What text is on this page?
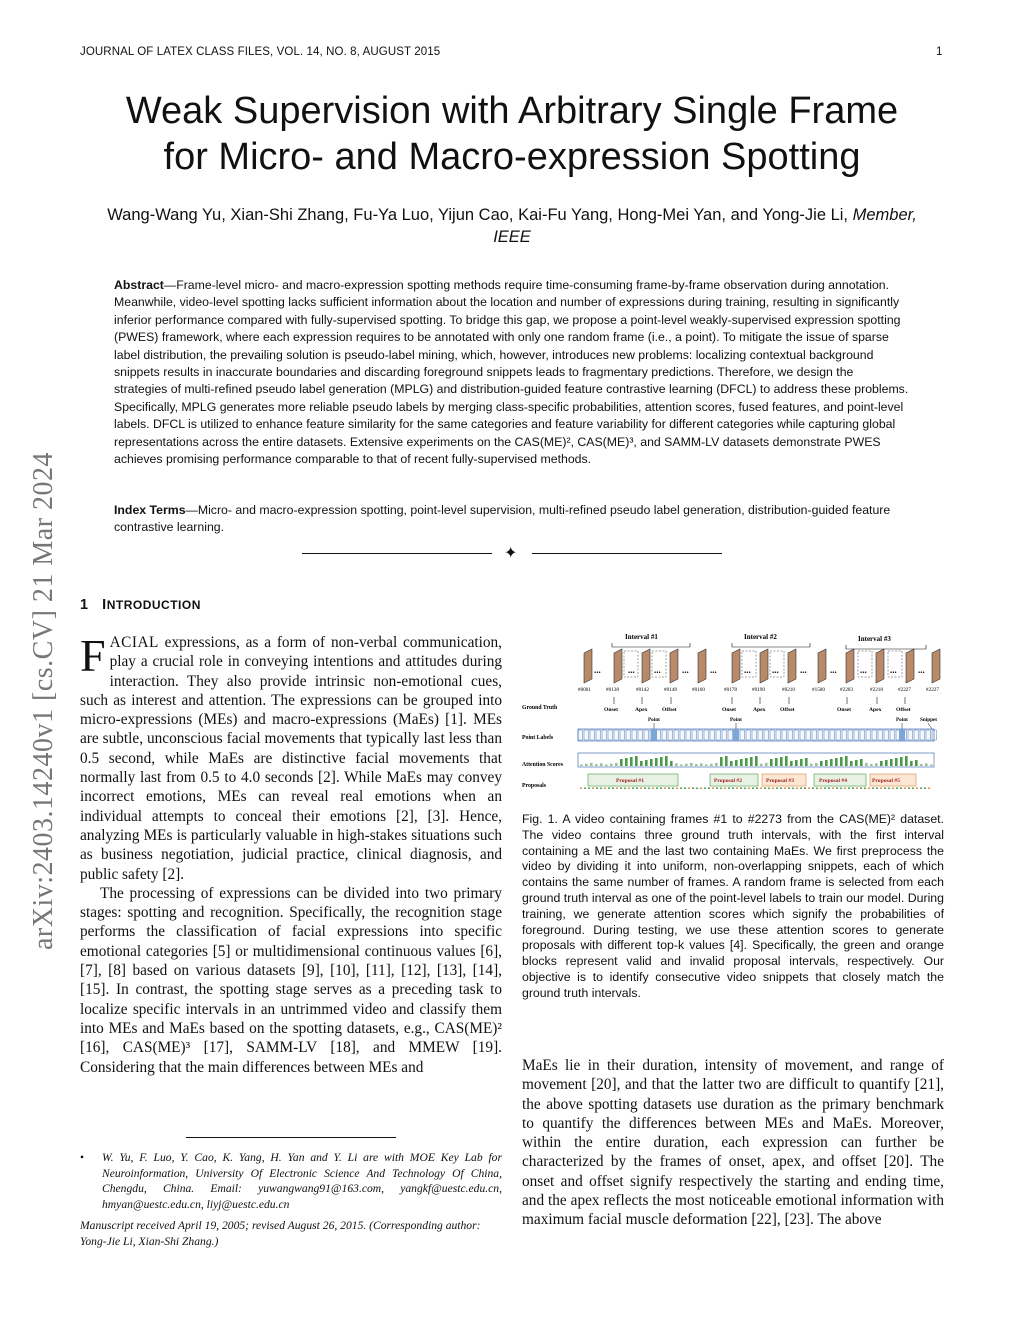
JOURNAL OF LATEX CLASS FILES, VOL. 14, NO. 8, AUGUST 2015	1
Weak Supervision with Arbitrary Single Frame
for Micro- and Macro-expression Spotting
Wang-Wang Yu, Xian-Shi Zhang, Fu-Ya Luo, Yijun Cao, Kai-Fu Yang, Hong-Mei Yan, and Yong-Jie Li, Member, IEEE
Abstract—Frame-level micro- and macro-expression spotting methods require time-consuming frame-by-frame observation during annotation. Meanwhile, video-level spotting lacks sufficient information about the location and number of expressions during training, resulting in significantly inferior performance compared with fully-supervised spotting. To bridge this gap, we propose a point-level weakly-supervised expression spotting (PWES) framework, where each expression requires to be annotated with only one random frame (i.e., a point). To mitigate the issue of sparse label distribution, the prevailing solution is pseudo-label mining, which, however, introduces new problems: localizing contextual background snippets results in inaccurate boundaries and discarding foreground snippets leads to fragmentary predictions. Therefore, we design the strategies of multi-refined pseudo label generation (MPLG) and distribution-guided feature contrastive learning (DFCL) to address these problems. Specifically, MPLG generates more reliable pseudo labels by merging class-specific probabilities, attention scores, fused features, and point-level labels. DFCL is utilized to enhance feature similarity for the same categories and feature variability for different categories while capturing global representations across the entire datasets. Extensive experiments on the CAS(ME)², CAS(ME)³, and SAMM-LV datasets demonstrate PWES achieves promising performance comparable to that of recent fully-supervised methods.
Index Terms—Micro- and macro-expression spotting, point-level supervision, multi-refined pseudo label generation, distribution-guided feature contrastive learning.
✦
arXiv:2403.14240v1 [cs.CV] 21 Mar 2024 1 INTRODUCTION

FACIAL expressions, as a form of non-verbal communication, play a crucial role in conveying intentions and attitudes during interaction. They also provide intrinsic non-emotional cues, such as interest and attention. The expressions can be grouped into micro-expressions (MEs) and macro-expressions (MaEs) [1]. MEs are subtle, unconscious facial movements that typically last less than 0.5 second, while MaEs are distinctive facial movements that normally last from 0.5 to 4.0 seconds [2]. While MaEs may convey incorrect emotions, MEs can reveal real emotions when an individual attempts to conceal their emotions [2], [3]. Hence, analyzing MEs is particularly valuable in high-stakes situations such as business negotiation, judicial practice, clinical diagnosis, and public safety [2].

The processing of expressions can be divided into two primary stages: spotting and recognition. Specifically, the recognition stage performs the classification of facial expressions into specific emotional categories [5] or multidimensional continuous values [6], [7], [8] based on various datasets [9], [10], [11], [12], [13], [14], [15]. In contrast, the spotting stage serves as a preceding task to localize specific intervals in an untrimmed video and classify them into MEs and MaEs based on the spotting datasets, e.g., CAS(ME)² [16], CAS(ME)³ [17], SAMM-LV [18], and MMEW [19]. Considering that the main differences between MEs and

• W. Yu, F. Luo, Y. Cao, K. Yang, H. Yan and Y. Li are with MOE Key Lab for Neuroinformation, University Of Electronic Science And Technology Of China, Chengdu, China. Email: yuwangwang91@163.com, yangkf@uestc.edu.cn, hmyan@uestc.edu.cn, liyj@uestc.edu.cn
Manuscript received April 19, 2005; revised August 26, 2015. (Corresponding author: Yong-Jie Li, Xian-Shi Zhang.)
Interval #1	Interval #2	Interval #3
...	... ... ... ...	... ... ...	...	...	... ...
#0001	#0138	#0142	#0148	#0160	#0178	#0190	#0210	#1500	#2203	#2218	#2227	#2227
Ground Truth
Point Labels
Attention Scores
Proposals
Onset	Apex	Offset	Onset	Apex	Offset	Onset	Apex	Offset
Point	Point	Point Snippet
Proposal #1	Proposal #2	Proposal #3	Proposal #4	Proposal #5
Fig. 1. A video containing frames #1 to #2273 from the CAS(ME)² dataset. The video contains three ground truth intervals, with the first interval containing a ME and the last two containing MaEs. We first preprocess the video by dividing it into uniform, non-overlapping snippets, each of which contains the same number of frames. A random frame is selected from each ground truth interval as one of the point-level labels to train our model. During training, we generate attention scores which signify the probabilities of foreground. During testing, we use these attention scores to generate proposals with different top-k values [4]. Specifically, the green and orange blocks represent valid and invalid proposal intervals, respectively. Our objective is to identify consecutive video snippets that closely match the ground truth intervals.

MaEs lie in their duration, intensity of movement, and range of movement [20], and that the latter two are difficult to quantify [21], the above spotting datasets use duration as the primary benchmark to quantify the differences between MEs and MaEs. Moreover, within the entire duration, each expression can further be characterized by the frames of onset, apex, and offset [20]. The onset and offset signify respectively the starting and ending time, and the apex reflects the most noticeable emotional information with maximum facial muscle deformation [22], [23]. The above
